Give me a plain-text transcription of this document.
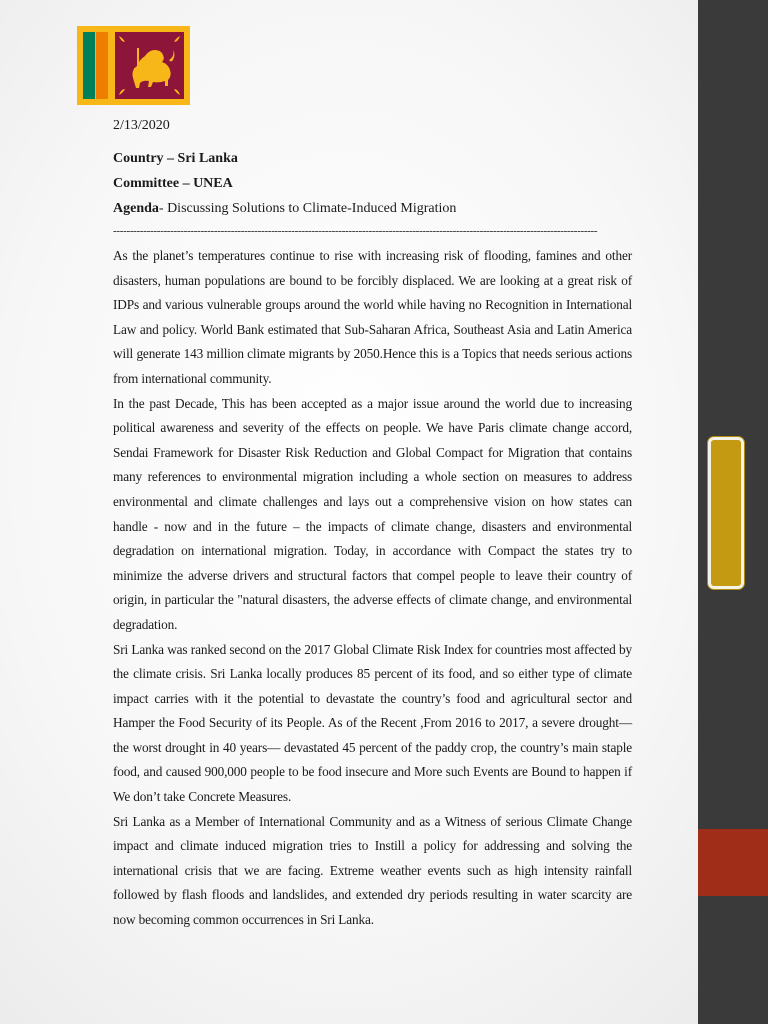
2/13/2020
Country – Sri Lanka
Committee – UNEA
Agenda- Discussing Solutions to Climate-Induced Migration
------------------------------------------------------------------------------------------------------------------------------------------------

As the planet’s temperatures continue to rise with increasing risk of flooding, famines and other disasters, human populations are bound to be forcibly displaced. We are looking at a great risk of IDPs and various vulnerable groups around the world while having no Recognition in International Law and policy. World Bank estimated that Sub-Saharan Africa, Southeast Asia and Latin America will generate 143 million climate migrants by 2050.Hence this is a Topics that needs serious actions from international community.

In the past Decade, This has been accepted as a major issue around the world due to increasing political awareness and severity of the effects on people. We have Paris climate change accord, Sendai Framework for Disaster Risk Reduction and Global Compact for Migration that contains many references to environmental migration including a whole section on measures to address environmental and climate challenges and lays out a comprehensive vision on how states can handle - now and in the future – the impacts of climate change, disasters and environmental degradation on international migration. Today, in accordance with Compact the states try to minimize the adverse drivers and structural factors that compel people to leave their country of origin, in particular the "natural disasters, the adverse effects of climate change, and environmental degradation.

Sri Lanka was ranked second on the 2017 Global Climate Risk Index for countries most affected by the climate crisis. Sri Lanka locally produces 85 percent of its food, and so either type of climate impact carries with it the potential to devastate the country’s food and agricultural sector and Hamper the Food Security of its People. As of the Recent ,From 2016 to 2017, a severe drought—the worst drought in 40 years— devastated 45 percent of the paddy crop, the country’s main staple food, and caused 900,000 people to be food insecure and More such Events are Bound to happen if We don’t take Concrete Measures.

Sri Lanka as a Member of International Community and as a Witness of serious Climate Change impact and climate induced migration tries to Instill a policy for addressing and solving the international crisis that we are facing. Extreme weather events such as high intensity rainfall followed by flash floods and landslides, and extended dry periods resulting in water scarcity are now becoming common occurrences in Sri Lanka.
